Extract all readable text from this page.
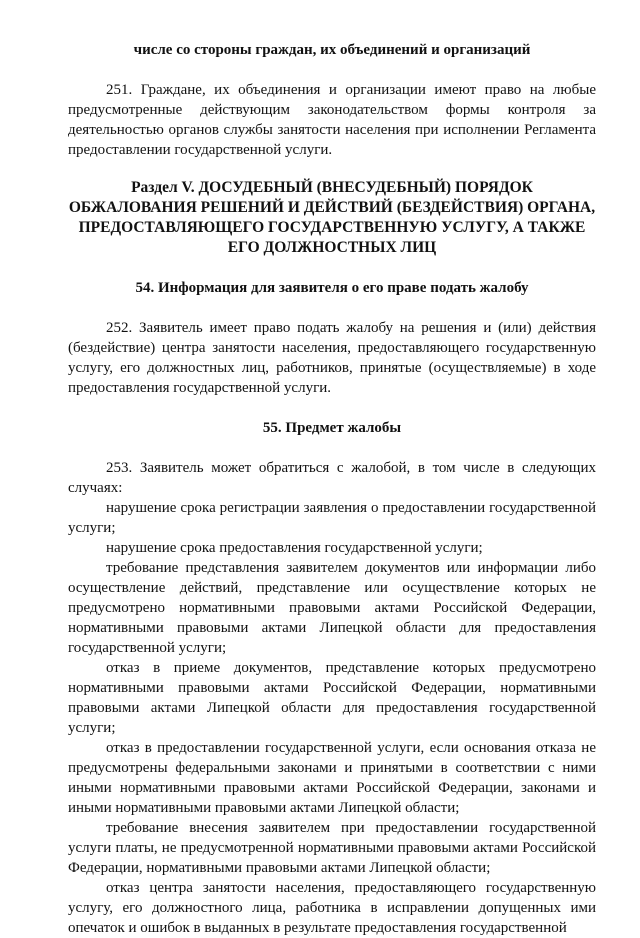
числе со стороны граждан, их объединений и организаций

251. Граждане, их объединения и организации имеют право на любые предусмотренные действующим законодательством формы контроля за деятельностью органов службы занятости населения при исполнении Регламента предоставлении государственной услуги.

Раздел V. ДОСУДЕБНЫЙ (ВНЕСУДЕБНЫЙ) ПОРЯДОК ОБЖАЛОВАНИЯ РЕШЕНИЙ И ДЕЙСТВИЙ (БЕЗДЕЙСТВИЯ) ОРГАНА, ПРЕДОСТАВЛЯЮЩЕГО ГОСУДАРСТВЕННУЮ УСЛУГУ, А ТАКЖЕ ЕГО ДОЛЖНОСТНЫХ ЛИЦ
54. Информация для заявителя о его праве подать жалобу

252. Заявитель имеет право подать жалобу на решения и (или) действия (бездействие) центра занятости населения, предоставляющего государственную услугу, его должностных лиц, работников, принятые (осуществляемые) в ходе предоставления государственной услуги.

55. Предмет жалобы

253. Заявитель может обратиться с жалобой, в том числе в следующих случаях:

нарушение срока регистрации заявления о предоставлении государственной услуги;

нарушение срока предоставления государственной услуги;

требование представления заявителем документов или информации либо осуществление действий, представление или осуществление которых не предусмотрено нормативными правовыми актами Российской Федерации, нормативными правовыми актами Липецкой области для предоставления государственной услуги;

отказ в приеме документов, представление которых предусмотрено нормативными правовыми актами Российской Федерации, нормативными правовыми актами Липецкой области для предоставления государственной услуги;

отказ в предоставлении государственной услуги, если основания отказа не предусмотрены федеральными законами и принятыми в соответствии с ними иными нормативными правовыми актами Российской Федерации, законами и иными нормативными правовыми актами Липецкой области;

требование внесения заявителем при предоставлении государственной услуги платы, не предусмотренной нормативными правовыми актами Российской Федерации, нормативными правовыми актами Липецкой области;

отказ центра занятости населения, предоставляющего государственную услугу, его должностного лица, работника в исправлении допущенных ими опечаток и ошибок в выданных в результате предоставления государственной
